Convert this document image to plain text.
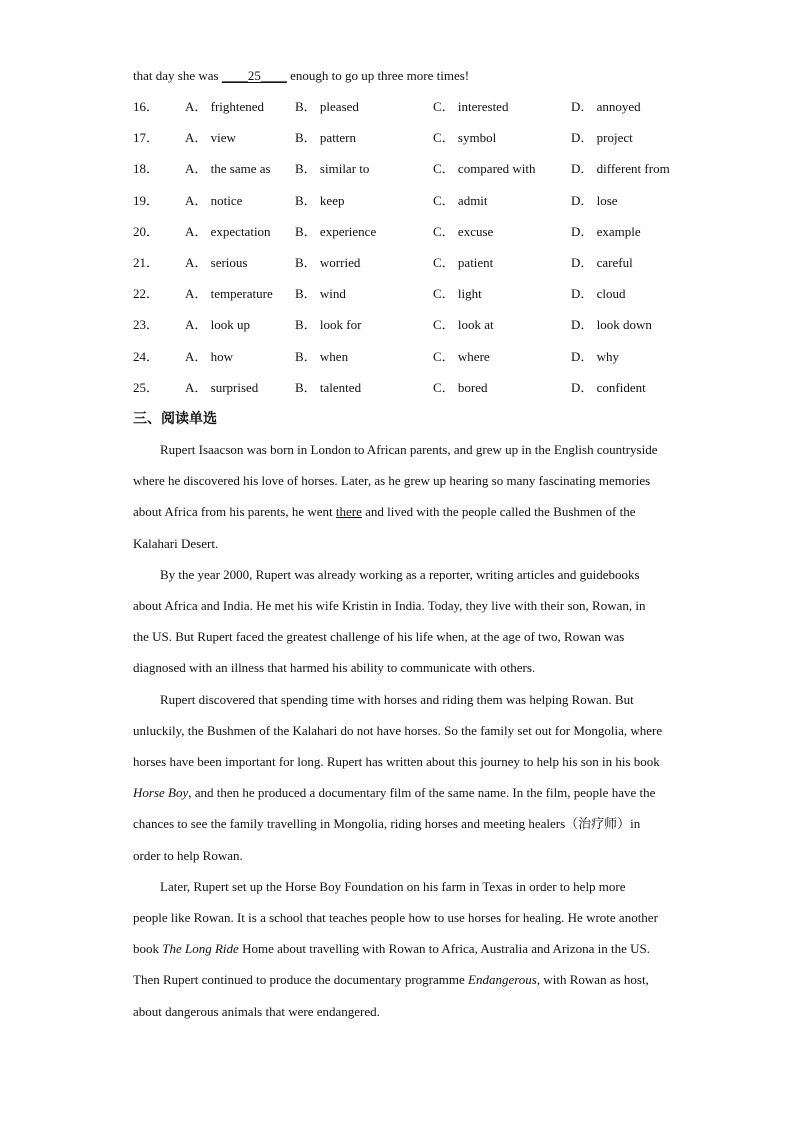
that day she was ____25____ enough to go up three more times!
16． A． frightened B． pleased	C． interested	D． annoyed
17． A． view	B． pattern	C． symbol	D． project
18． A． the same as B． similar to	C． compared with	D． different from
19． A． notice	B． keep	C． admit	D． lose
20． A． expectation B． experience	C． excuse	D． example
21． A． serious	B． worried	C． patient	D． careful
22． A． temperature B． wind	C． light	D． cloud
23． A． look up	B． look for	C． look at	D． look down
24． A． how	B． when	C． where	D． why
25． A． surprised	B． talented	C． bored	D． confident
三、阅读单选

Rupert Isaacson was born in London to African parents, and grew up in the English countryside where he discovered his love of horses. Later, as he grew up hearing so many fascinating memories about Africa from his parents, he went there and lived with the people called the Bushmen of the Kalahari Desert.

By the year 2000, Rupert was already working as a reporter, writing articles and guidebooks about Africa and India. He met his wife Kristin in India. Today, they live with their son, Rowan, in the US. But Rupert faced the greatest challenge of his life when, at the age of two, Rowan was diagnosed with an illness that harmed his ability to communicate with others.

Rupert discovered that spending time with horses and riding them was helping Rowan. But unluckily, the Bushmen of the Kalahari do not have horses. So the family set out for Mongolia, where horses have been important for long. Rupert has written about this journey to help his son in his book Horse Boy, and then he produced a documentary film of the same name. In the film, people have the chances to see the family travelling in Mongolia, riding horses and meeting healers（治疗师）in order to help Rowan.

Later, Rupert set up the Horse Boy Foundation on his farm in Texas in order to help more people like Rowan. It is a school that teaches people how to use horses for healing. He wrote another book The Long Ride Home about travelling with Rowan to Africa, Australia and Arizona in the US. Then Rupert continued to produce the documentary programme Endangerous, with Rowan as host, about dangerous animals that were endangered.
